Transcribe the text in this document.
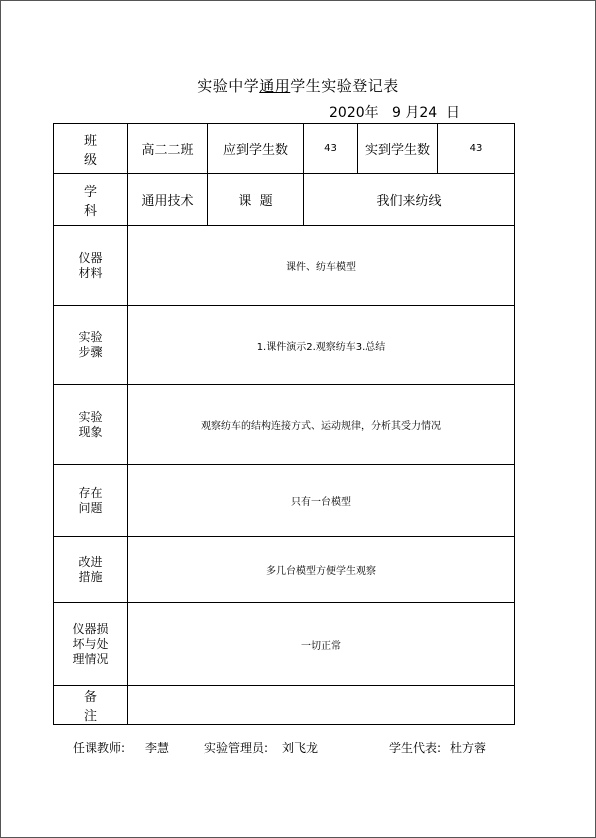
实验中学通用学生实验登记表
2020年   9 月24  日
班 级	高二二班	应到学生数	43	实到学生数	43
学 科	通用技术	课  题	我们来纺线		
仪器
材料	课件、纺车模型				
实验
步骤	1.课件演示2.观察纺车3.总结				
实验
现象	观察纺车的结构连接方式、运动规律，分析其受力情况				
存在
问题	只有一台模型				
改进
措施	多几台模型方便学生观察				
仪器损
坏与处
理情况	一切正常				
备 注					
任课教师: 李慧	实验管理员: 刘飞龙	学生代表: 杜方蓉
